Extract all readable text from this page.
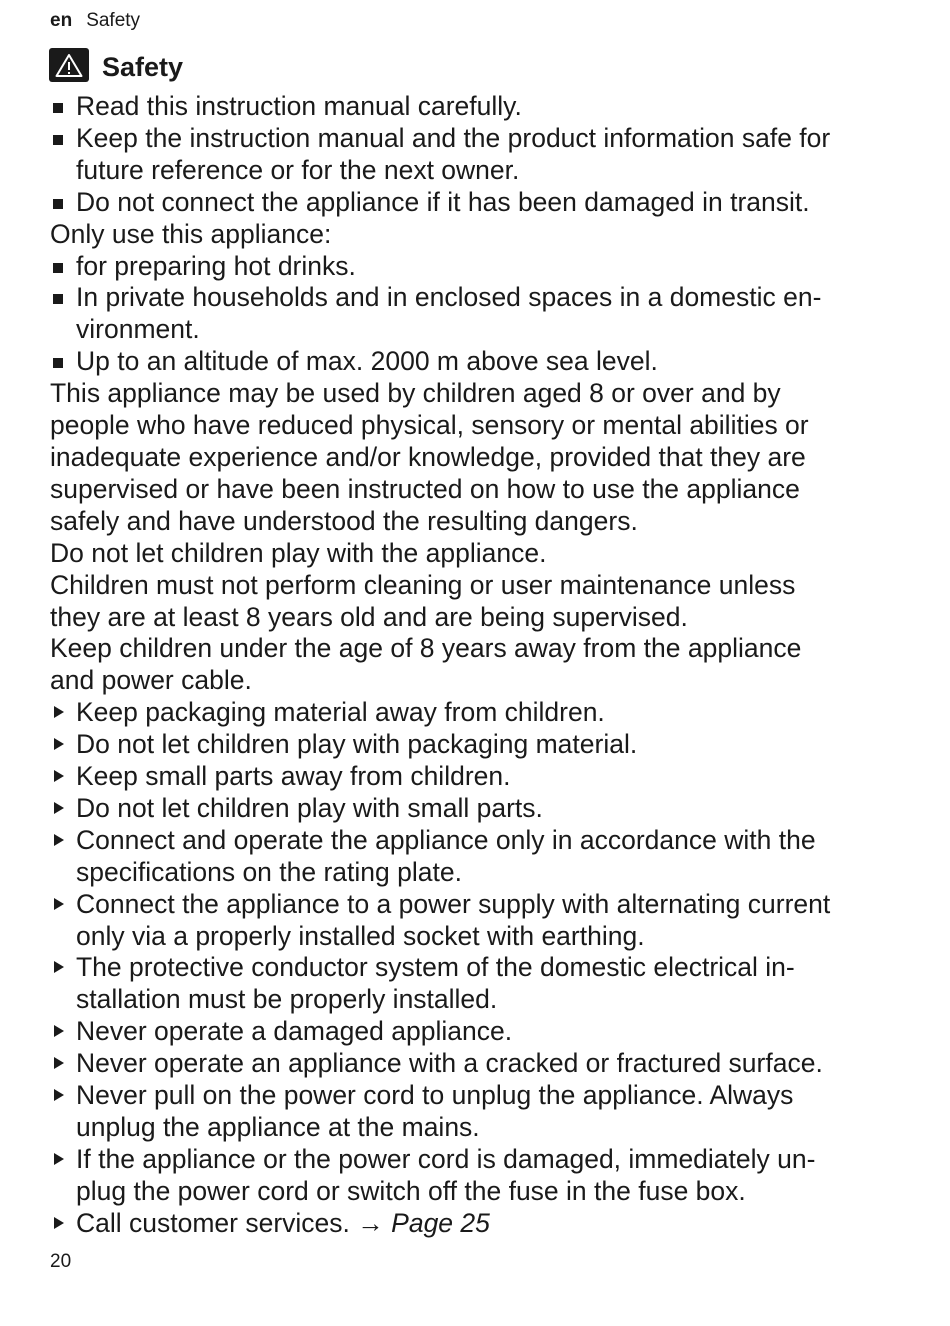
en Safety
Safety
Read this instruction manual carefully.
Keep the instruction manual and the product information safe for
future reference or for the next owner.
Do not connect the appliance if it has been damaged in transit.
Only use this appliance:
for preparing hot drinks.
In private households and in enclosed spaces in a domestic en-
vironment.
Up to an altitude of max. 2000 m above sea level.
This appliance may be used by children aged 8 or over and by
people who have reduced physical, sensory or mental abilities or
inadequate experience and/or knowledge, provided that they are
supervised or have been instructed on how to use the appliance
safely and have understood the resulting dangers.
Do not let children play with the appliance.
Children must not perform cleaning or user maintenance unless
they are at least 8 years old and are being supervised.
Keep children under the age of 8 years away from the appliance
and power cable.
Keep packaging material away from children.
Do not let children play with packaging material.
Keep small parts away from children.
Do not let children play with small parts.
Connect and operate the appliance only in accordance with the
specifications on the rating plate.
Connect the appliance to a power supply with alternating current
only via a properly installed socket with earthing.
The protective conductor system of the domestic electrical in-
stallation must be properly installed.
Never operate a damaged appliance.
Never operate an appliance with a cracked or fractured surface.
Never pull on the power cord to unplug the appliance. Always
unplug the appliance at the mains.
If the appliance or the power cord is damaged, immediately un-
plug the power cord or switch off the fuse in the fuse box.
Call customer services. → Page 25
20
